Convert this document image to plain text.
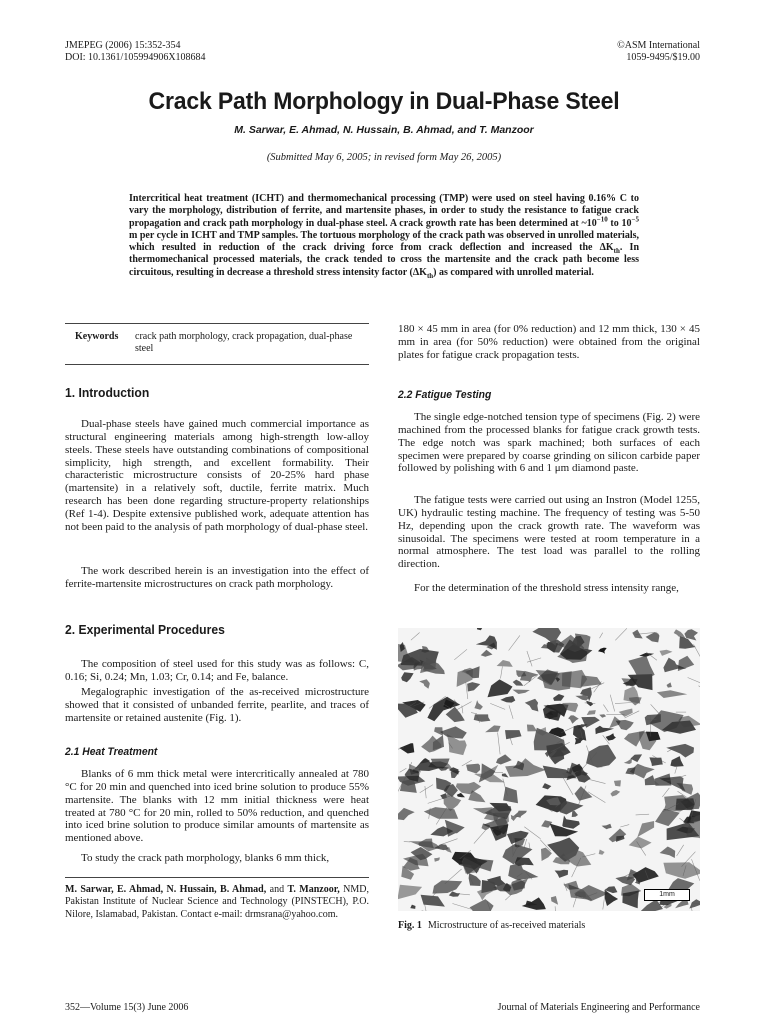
JMEPEG (2006) 15:352-354
DOI: 10.1361/105994906X108684
©ASM International
1059-9495/$19.00
Crack Path Morphology in Dual-Phase Steel
M. Sarwar, E. Ahmad, N. Hussain, B. Ahmad, and T. Manzoor
(Submitted May 6, 2005; in revised form May 26, 2005)
Intercritical heat treatment (ICHT) and thermomechanical processing (TMP) were used on steel having 0.16% C to vary the morphology, distribution of ferrite, and martensite phases, in order to study the resistance to fatigue crack propagation and crack path morphology in dual-phase steel. A crack growth rate has been determined at $\sim 10^{-10}$ to $10^{-5}$ m per cycle in ICHT and TMP samples. The tortuous morphology of the crack path was observed in unrolled materials, which resulted in reduction of the crack driving force from crack deflection and increased the $\Delta K_{th}$. In thermomechanical processed materials, the crack tended to cross the martensite and the crack path become less circuitous, resulting in decrease a threshold stress intensity factor $(\Delta K_{th})$ as compared with unrolled material.
Keywords crack path morphology, crack propagation, dual-phase steel
1. Introduction

Dual-phase steels have gained much commercial importance as structural engineering materials among high-strength low-alloy steels. These steels have outstanding combinations of compositional simplicity, high strength, and excellent formability. Their characteristic microstructure consists of 20-25% hard phase (martensite) in a relatively soft, ductile, ferrite matrix. Much research has been done regarding structure-property relationships (Ref 1-4). Despite extensive published work, adequate attention has not been paid to the analysis of path morphology of dual-phase steel.

The work described herein is an investigation into the effect of ferrite-martensite microstructures on crack path morphology.

2. Experimental Procedures

The composition of steel used for this study was as follows: C, 0.16; Si, 0.24; Mn, 1.03; Cr, 0.14; and Fe, balance.

Megalographic investigation of the as-received microstructure showed that it consisted of unbanded ferrite, pearlite, and traces of martensite or retained austenite (Fig. 1).

2.1 Heat Treatment

Blanks of 6 mm thick metal were intercritically annealed at 780 °C for 20 min and quenched into iced brine solution to produce 55% martensite. The blanks with 12 mm initial thickness were heat treated at 780 °C for 20 min, rolled to 50% reduction, and quenched into iced brine solution to produce similar amounts of martensite as mentioned above.

To study the crack path morphology, blanks 6 mm thick,

M. Sarwar, E. Ahmad, N. Hussain, B. Ahmad, and T. Manzoor, NMD, Pakistan Institute of Nuclear Science and Technology (PINSTECH), P.O. Nilore, Islamabad, Pakistan. Contact e-mail: drmsrana@yahoo.com.

180 × 45 mm in area (for 0% reduction) and 12 mm thick, 130 × 45 mm in area (for 50% reduction) were obtained from the original plates for fatigue crack propagation tests.

2.2 Fatigue Testing

The single edge-notched tension type of specimens (Fig. 2) were machined from the processed blanks for fatigue crack growth tests. The edge notch was spark machined; both surfaces of each specimen were prepared by coarse grinding on silicon carbide paper followed by polishing with 6 and 1 μm diamond paste.

The fatigue tests were carried out using an Instron (Model 1255, UK) hydraulic testing machine. The frequency of testing was 5-50 Hz, depending upon the crack growth rate. The waveform was sinusoidal. The specimens were tested at room temperature in a normal atmosphere. The test load was parallel to the rolling direction.

For the determination of the threshold stress intensity range,

1mm
Fig. 1 Microstructure of as-received materials
352—Volume 15(3) June 2006	Journal of Materials Engineering and Performance
